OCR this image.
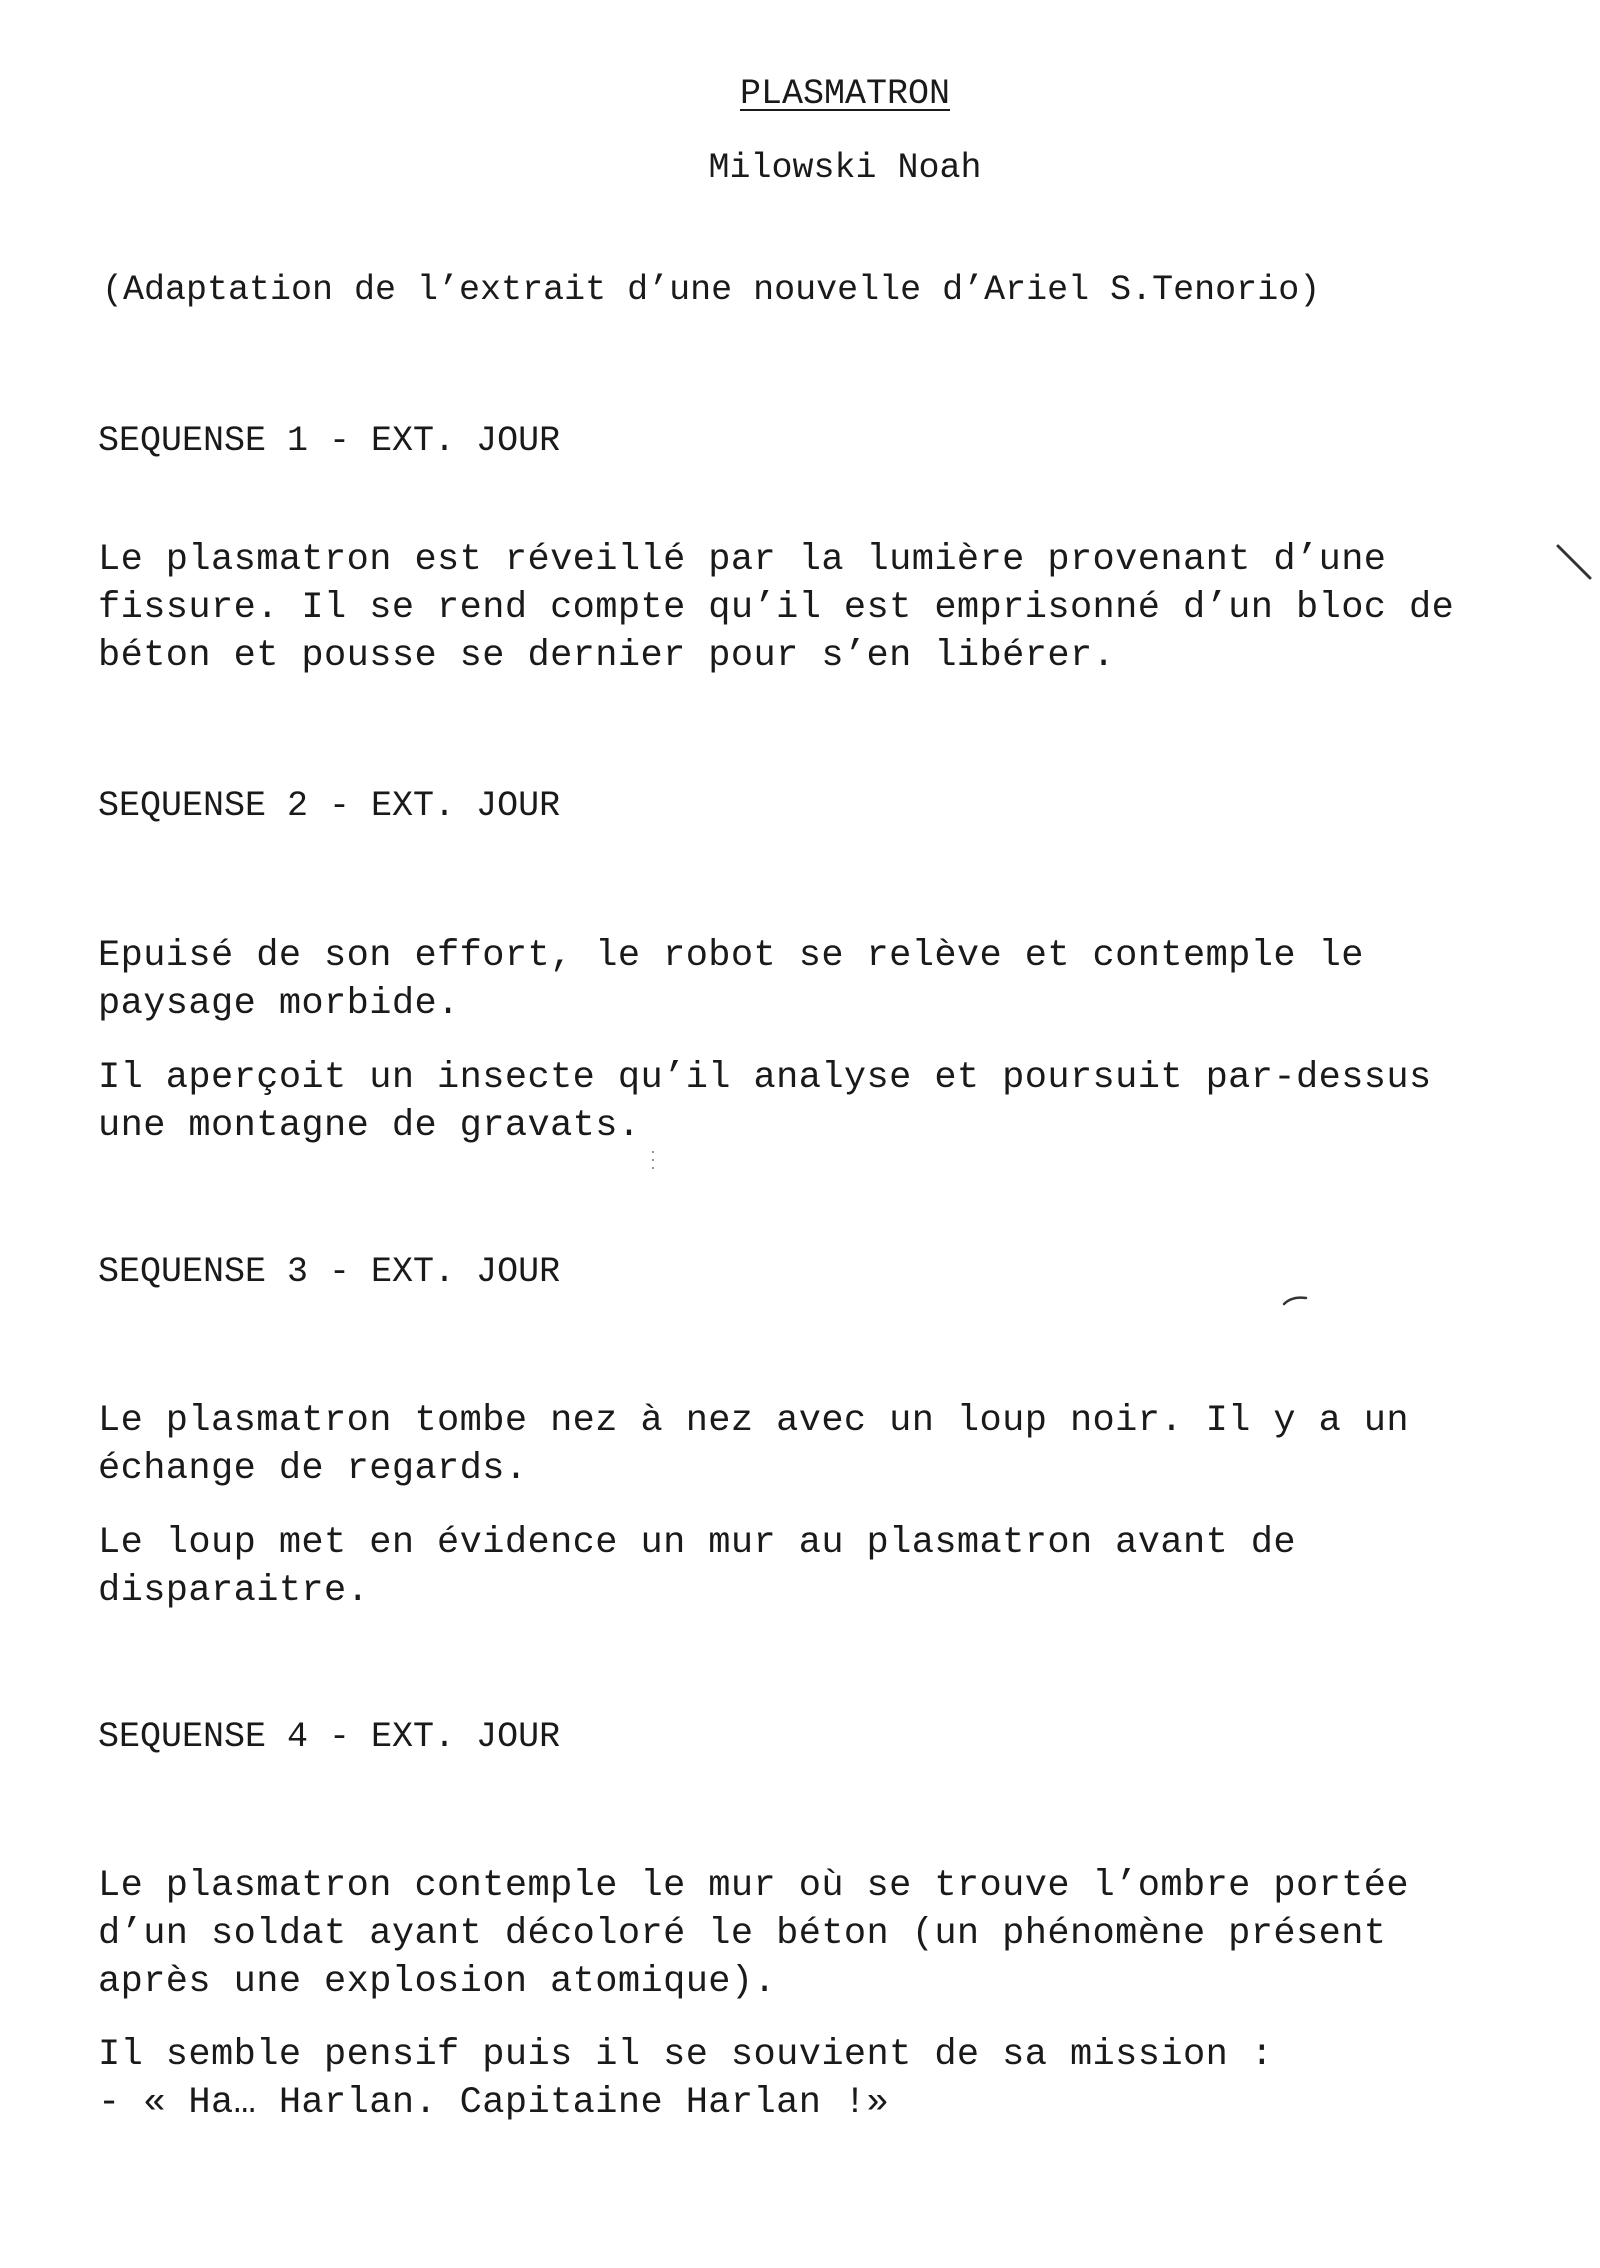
PLASMATRON
Milowski Noah
(Adaptation de l’extrait d’une nouvelle d’Ariel S.Tenorio)
SEQUENSE 1 - EXT. JOUR

Le plasmatron est réveillé par la lumière provenant d’une
fissure. Il se rend compte qu’il est emprisonné d’un bloc de
béton et pousse se dernier pour s’en libérer.

SEQUENSE 2 - EXT. JOUR

Epuisé de son effort, le robot se relève et contemple le
paysage morbide.

Il aperçoit un insecte qu’il analyse et poursuit par-dessus
une montagne de gravats.

SEQUENSE 3 - EXT. JOUR

Le plasmatron tombe nez à nez avec un loup noir. Il y a un
échange de regards.

Le loup met en évidence un mur au plasmatron avant de
disparaitre.

SEQUENSE 4 - EXT. JOUR

Le plasmatron contemple le mur où se trouve l’ombre portée
d’un soldat ayant décoloré le béton (un phénomène présent
après une explosion atomique).

Il semble pensif puis il se souvient de sa mission :
- « Ha… Harlan. Capitaine Harlan !»
